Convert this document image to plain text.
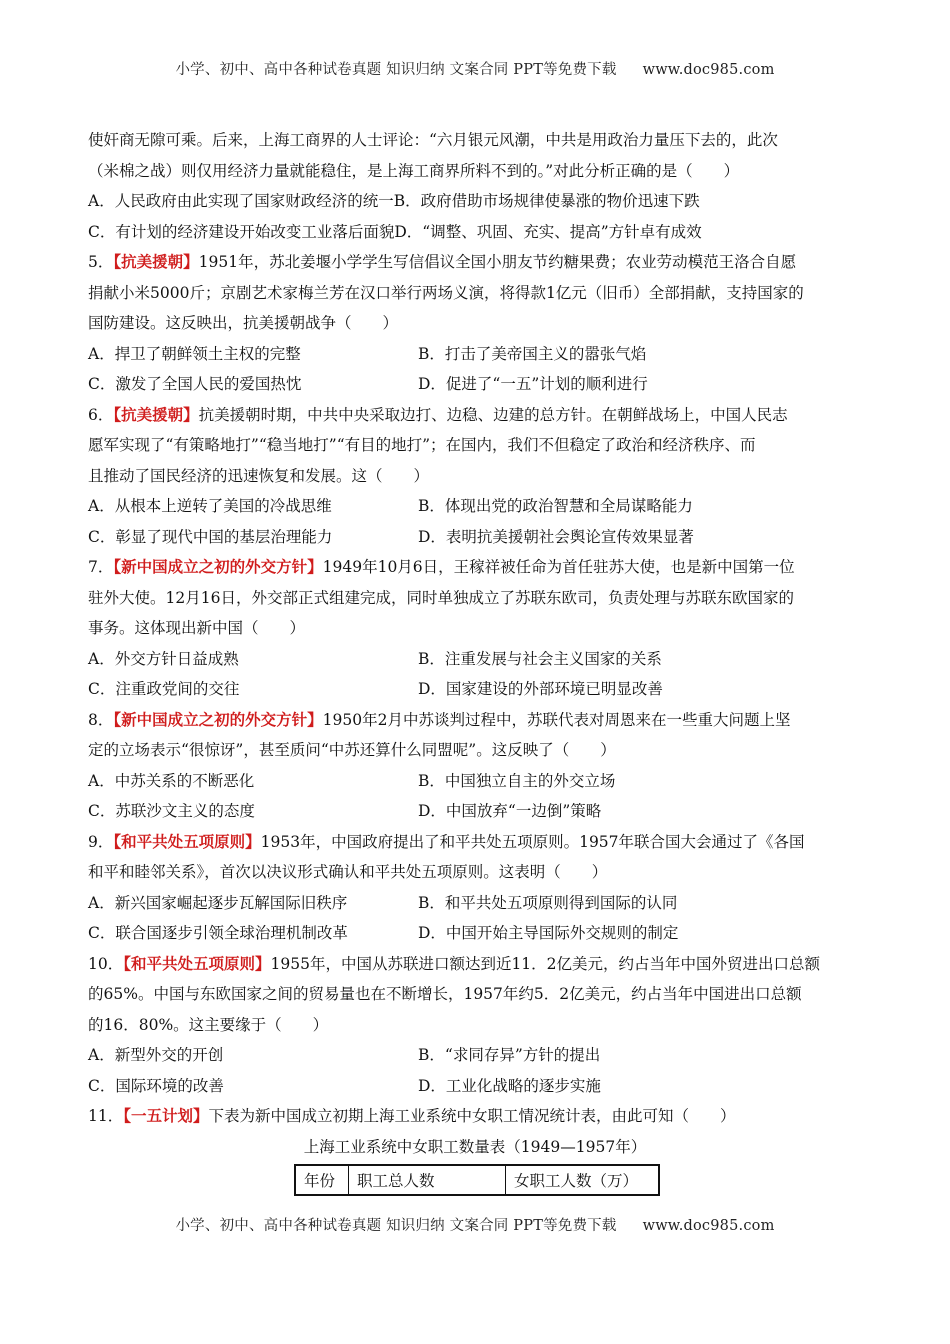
小学、初中、高中各种试卷真题 知识归纳 文案合同 PPT等免费下载 www.doc985.com
使奸商无隙可乘。后来，上海工商界的人士评论：“六月银元风潮，中共是用政治力量压下去的，此次
（米棉之战）则仅用经济力量就能稳住，是上海工商界所料不到的。”对此分析正确的是（　　）
A．人民政府由此实现了国家财政经济的统一 B．政府借助市场规律使暴涨的物价迅速下跌
C．有计划的经济建设开始改变工业落后面貌 D．“调整、巩固、充实、提高”方针卓有成效
5．【抗美援朝】1951年，苏北姜堰小学学生写信倡议全国小朋友节约糖果费；农业劳动模范王洛合自愿
捐献小米5000斤；京剧艺术家梅兰芳在汉口举行两场义演，将得款1亿元（旧币）全部捐献，支持国家的
国防建设。这反映出，抗美援朝战争（　　）
A．捍卫了朝鲜领土主权的完整	B．打击了美帝国主义的嚣张气焰
C．激发了全国人民的爱国热忱	D．促进了“一五”计划的顺利进行
6．【抗美援朝】抗美援朝时期，中共中央采取边打、边稳、边建的总方针。在朝鲜战场上，中国人民志
愿军实现了“有策略地打”“稳当地打”“有目的地打”；在国内，我们不但稳定了政治和经济秩序、而
且推动了国民经济的迅速恢复和发展。这（　　）
A．从根本上逆转了美国的冷战思维	B．体现出党的政治智慧和全局谋略能力
C．彰显了现代中国的基层治理能力	D．表明抗美援朝社会舆论宣传效果显著
7．【新中国成立之初的外交方针】1949年10月6日，王稼祥被任命为首任驻苏大使，也是新中国第一位
驻外大使。12月16日，外交部正式组建完成，同时单独成立了苏联东欧司，负责处理与苏联东欧国家的
事务。这体现出新中国（　　）
A．外交方针日益成熟	B．注重发展与社会主义国家的关系
C．注重政党间的交往	D．国家建设的外部环境已明显改善
8．【新中国成立之初的外交方针】1950年2月中苏谈判过程中，苏联代表对周恩来在一些重大问题上坚
定的立场表示“很惊讶”，甚至质问“中苏还算什么同盟呢”。这反映了（　　）
A．中苏关系的不断恶化	B．中国独立自主的外交立场
C．苏联沙文主义的态度	D．中国放弃“一边倒”策略
9．【和平共处五项原则】1953年，中国政府提出了和平共处五项原则。1957年联合国大会通过了《各国
和平和睦邻关系》，首次以决议形式确认和平共处五项原则。这表明（　　）
A．新兴国家崛起逐步瓦解国际旧秩序	B．和平共处五项原则得到国际的认同
C．联合国逐步引领全球治理机制改革	D．中国开始主导国际外交规则的制定
10．【和平共处五项原则】1955年，中国从苏联进口额达到近11．2亿美元，约占当年中国外贸进出口总额
的65%。中国与东欧国家之间的贸易量也在不断增长，1957年约5．2亿美元，约占当年中国进出口总额
的16．80%。这主要缘于（　　）
A．新型外交的开创	B．“求同存异”方针的提出
C．国际环境的改善	D．工业化战略的逐步实施
11．【一五计划】下表为新中国成立初期上海工业系统中女职工情况统计表，由此可知（　　）
上海工业系统中女职工数量表（1949—1957年）
年份	职工总人数	女职工人数（万）
小学、初中、高中各种试卷真题 知识归纳 文案合同 PPT等免费下载 www.doc985.com
